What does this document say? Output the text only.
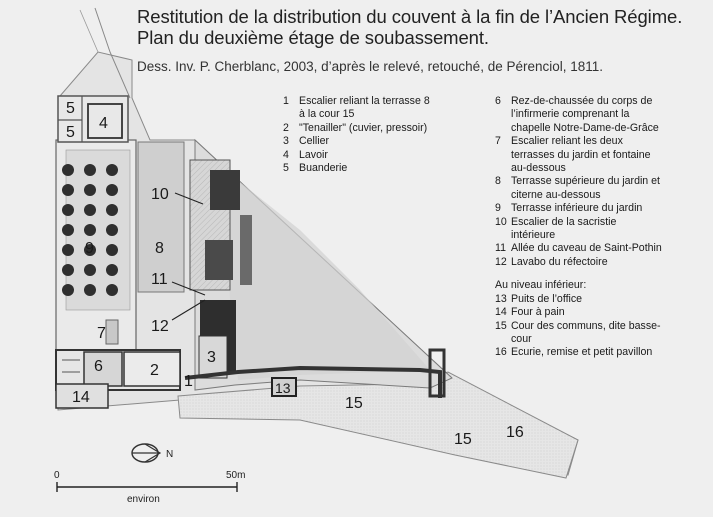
5
5
4
10
8
9
11
12
7
6	2
3
1	13
14	15
15 16
N
0	50m
environ
Restitution de la distribution du couvent à la fin de l’Ancien Régime.
Plan du deuxième étage de soubassement.
Dess. Inv. P. Cherblanc, 2003, d’après le relevé, retouché, de Pérenciol, 1811.
1 Escalier reliant la terrasse 8
à la cour 15
2 "Tenailler" (cuvier, pressoir)
3 Cellier
4 Lavoir
5 Buanderie
6 Rez-de-chaussée du corps de
l’infirmerie comprenant la
chapelle Notre-Dame-de-Grâce
7 Escalier reliant les deux
terrasses du jardin et fontaine
au-dessous
8 Terrasse supérieure du jardin et
citerne au-dessous
9 Terrasse inférieure du jardin
10 Escalier de la sacristie
intérieure
11 Allée du caveau de Saint-Pothin
12 Lavabo du réfectoire
Au niveau inférieur:
13 Puits de l’office
14 Four à pain
15 Cour des communs, dite basse-
cour
16 Ecurie, remise et petit pavillon
